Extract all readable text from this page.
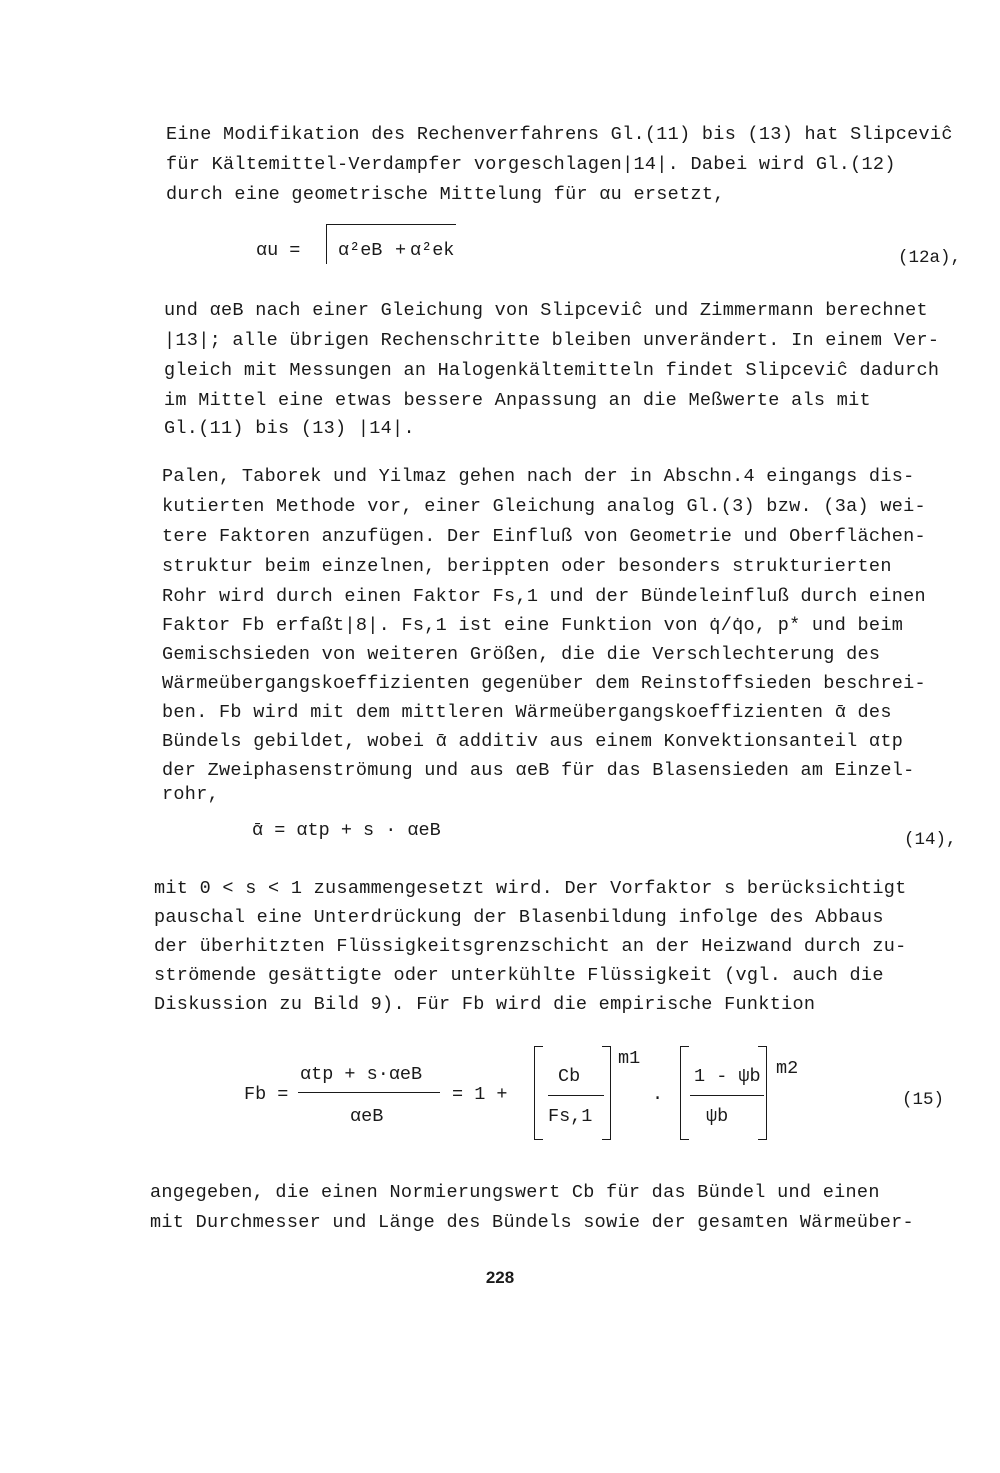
Eine Modifikation des Rechenverfahrens Gl.(11) bis (13) hat Slipceviĉ
für Kältemittel-Verdampfer vorgeschlagen|14|. Dabei wird Gl.(12)
durch eine geometrische Mittelung für αu ersetzt,
αu = α²eB + α²ek	(12a),
und αeB nach einer Gleichung von Slipceviĉ und Zimmermann berechnet
|13|; alle übrigen Rechenschritte bleiben unverändert. In einem Ver-
gleich mit Messungen an Halogenkältemitteln findet Slipceviĉ dadurch
im Mittel eine etwas bessere Anpassung an die Meßwerte als mit
Gl.(11) bis (13) |14|.
Palen, Taborek und Yilmaz gehen nach der in Abschn.4 eingangs dis-
kutierten Methode vor, einer Gleichung analog Gl.(3) bzw. (3a) wei-
tere Faktoren anzufügen. Der Einfluß von Geometrie und Oberflächen-
struktur beim einzelnen, berippten oder besonders strukturierten
Rohr wird durch einen Faktor Fs,1 und der Bündeleinfluß durch einen
Faktor Fb erfaßt|8|. Fs,1 ist eine Funktion von q̇/q̇o, p* und beim
Gemischsieden von weiteren Größen, die die Verschlechterung des
Wärmeübergangskoeffizienten gegenüber dem Reinstoffsieden beschrei-
ben. Fb wird mit dem mittleren Wärmeübergangskoeffizienten ᾱ des
Bündels gebildet, wobei ᾱ additiv aus einem Konvektionsanteil αtp
der Zweiphasenströmung und aus αeB für das Blasensieden am Einzel-
rohr,
ᾱ = αtp + s · αeB	(14),
mit 0 < s < 1 zusammengesetzt wird. Der Vorfaktor s berücksichtigt
pauschal eine Unterdrückung der Blasenbildung infolge des Abbaus
der überhitzten Flüssigkeitsgrenzschicht an der Heizwand durch zu-
strömende gesättigte oder unterkühlte Flüssigkeit (vgl. auch die
Diskussion zu Bild 9). Für Fb wird die empirische Funktion
Fb =
αtp + s·αeB
αeB
= 1 +
Cb
Fs,1
m1
·
1 - ψb
ψb
m2
(15)
angegeben, die einen Normierungswert Cb für das Bündel und einen
mit Durchmesser und Länge des Bündels sowie der gesamten Wärmeüber-
228
